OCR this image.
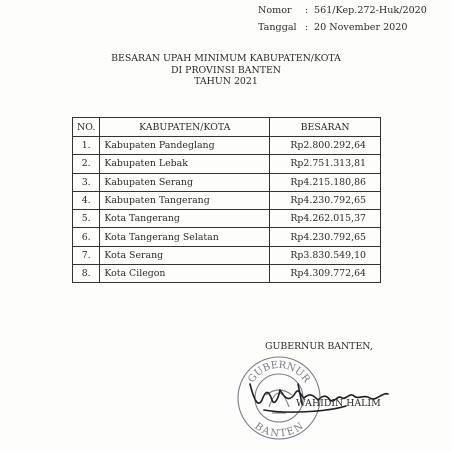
Nomor	: 561/Kep.272-Huk/2020
Tanggal : 20 November 2020
BESARAN UPAH MINIMUM KABUPATEN/KOTA
DI PROVINSI BANTEN
TAHUN 2021
NO.	KABUPATEN/KOTA	BESARAN
1.	Kabupaten Pandeglang	Rp2.800.292,64
2.	Kabupaten Lebak	Rp2.751.313,81
3.	Kabupaten Serang	Rp4.215.180,86
4.	Kabupaten Tangerang	Rp4.230.792,65
5.	Kota Tangerang	Rp4.262.015,37
6.	Kota Tangerang Selatan	Rp4.230.792,65
7.	Kota Serang	Rp3.830.549,10
8.	Kota Cilegon	Rp4.309.772,64
GUBERNUR BANTEN,
GUBERNUR
BANTEN
WAHIDIN HALIM
